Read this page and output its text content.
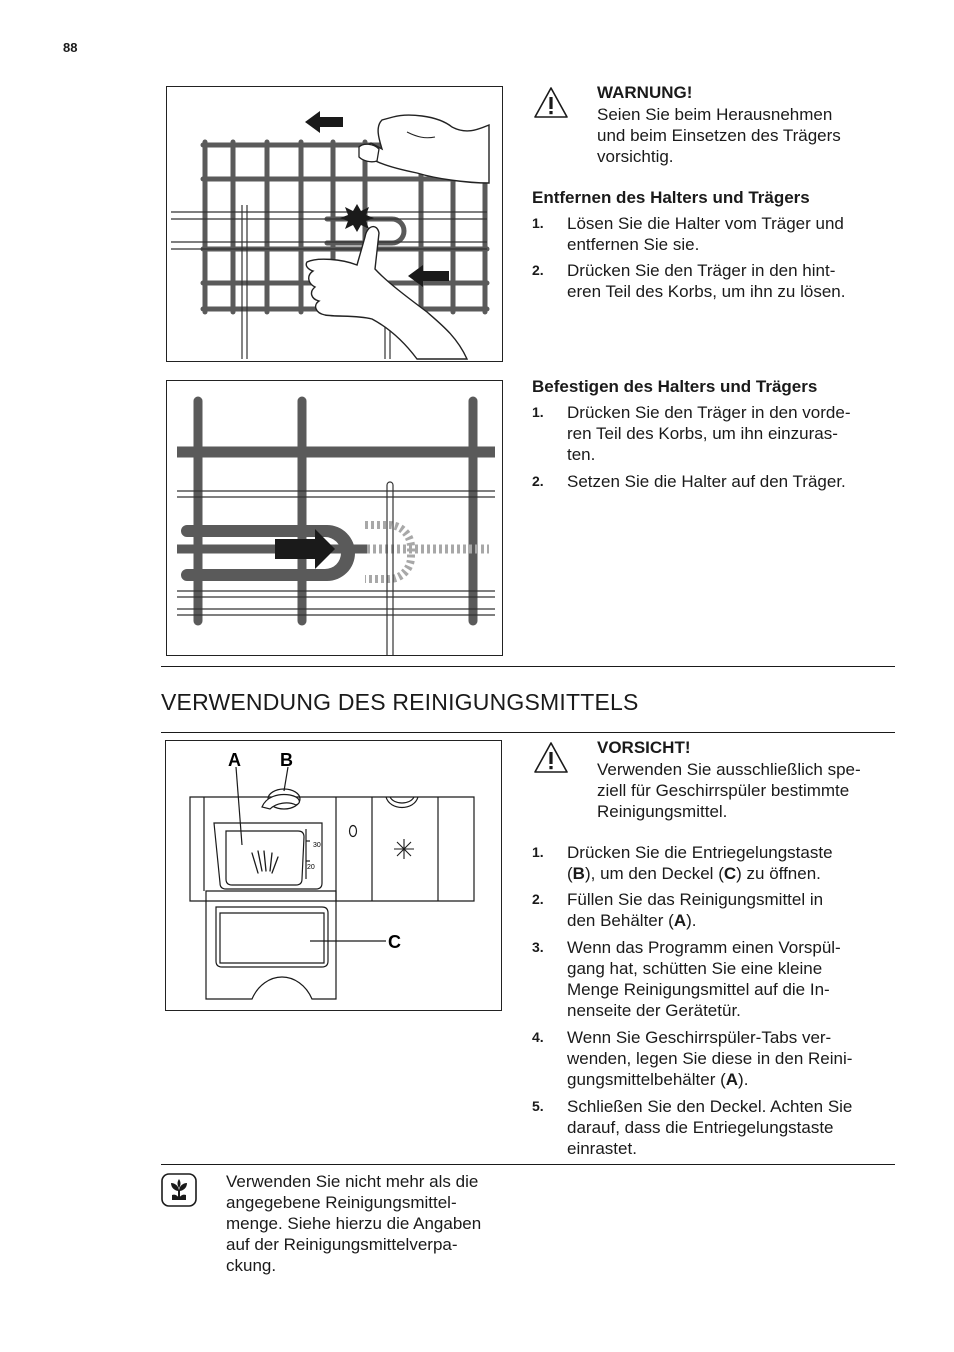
88
WARNUNG!
Seien Sie beim Herausnehmen
und beim Einsetzen des Trägers
vorsichtig.
Entfernen des Halters und Trägers
1. Lösen Sie die Halter vom Träger und
entfernen Sie sie.
2. Drücken Sie den Träger in den hint-
eren Teil des Korbs, um ihn zu lösen.
Befestigen des Halters und Trägers
1. Drücken Sie den Träger in den vorde-
ren Teil des Korbs, um ihn einzuras-
ten.
2. Setzen Sie die Halter auf den Träger.
VERWENDUNG DES REINIGUNGSMITTELS
30
20
A B
C
VORSICHT!
Verwenden Sie ausschließlich spe-
ziell für Geschirrspüler bestimmte
Reinigungsmittel.
1. Drücken Sie die Entriegelungstaste
(B), um den Deckel (C) zu öffnen.
2. Füllen Sie das Reinigungsmittel in
den Behälter (A).
3. Wenn das Programm einen Vorspül-
gang hat, schütten Sie eine kleine
Menge Reinigungsmittel auf die In-
nenseite der Gerätetür.
4. Wenn Sie Geschirrspüler-Tabs ver-
wenden, legen Sie diese in den Reini-
gungsmittelbehälter (A).
5. Schließen Sie den Deckel. Achten Sie
darauf, dass die Entriegelungstaste
einrastet.
Verwenden Sie nicht mehr als die
angegebene Reinigungsmittel-
menge. Siehe hierzu die Angaben
auf der Reinigungsmittelverpa-
ckung.
